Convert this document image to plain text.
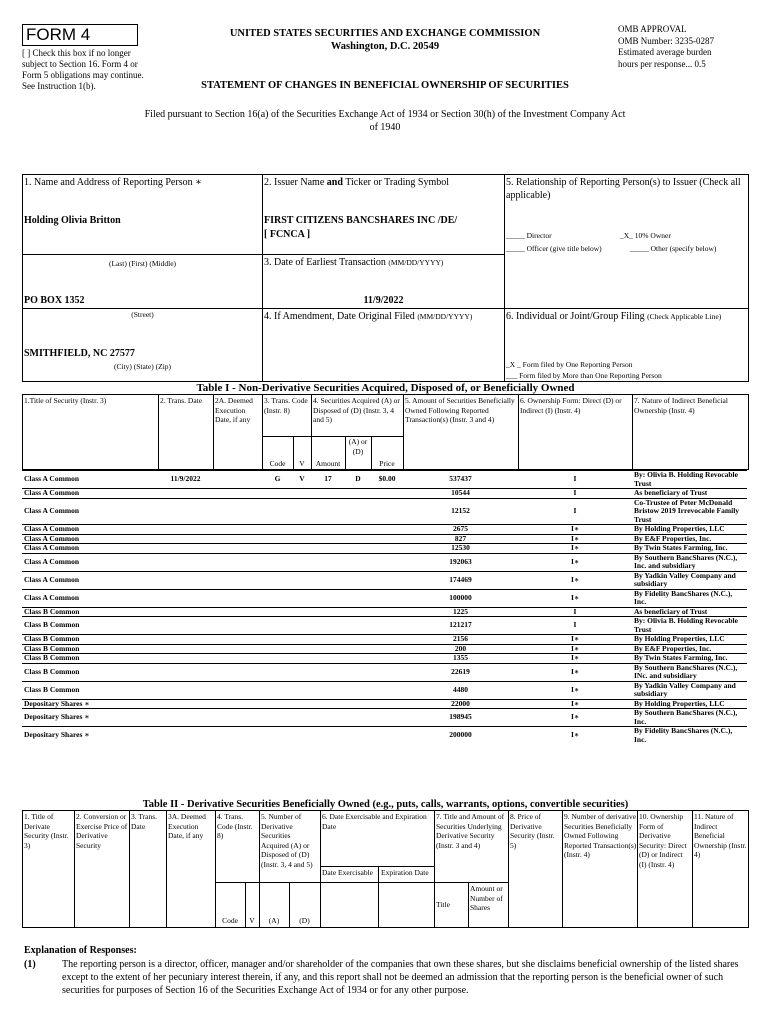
FORM 4
[ ] Check this box if no longer subject to Section 16. Form 4 or Form 5 obligations may continue. See Instruction 1(b).
UNITED STATES SECURITIES AND EXCHANGE COMMISSION
Washington, D.C. 20549
OMB APPROVAL
OMB Number: 3235-0287
Estimated average burden
hours per response... 0.5
STATEMENT OF CHANGES IN BENEFICIAL OWNERSHIP OF SECURITIES
Filed pursuant to Section 16(a) of the Securities Exchange Act of 1934 or Section 30(h) of the Investment Company Act of 1940
1. Name and Address of Reporting Person ∗
Holding Olivia Britton
(Last) (First) (Middle)
PO BOX 1352
(Street)
SMITHFIELD, NC 27577
(City) (State) (Zip)
2. Issuer Name and Ticker or Trading Symbol
FIRST CITIZENS BANCSHARES INC /DE/
[ FCNCA ]
3. Date of Earliest Transaction (MM/DD/YYYY)
11/9/2022
4. If Amendment, Date Original Filed (MM/DD/YYYY)
5. Relationship of Reporting Person(s) to Issuer (Check all applicable)
_____ Director	_X_ 10% Owner
_____ Officer (give title below)	_____ Other (specify below)
6. Individual or Joint/Group Filing (Check Applicable Line)
_X _ Form filed by One Reporting Person
___ Form filed by More than One Reporting Person
Table I - Non-Derivative Securities Acquired, Disposed of, or Beneficially Owned
1.Title of Security (Instr. 3)	2. Trans. Date	2A. Deemed Execution Date, if any
3. Trans. Code (Instr. 8)
4. Securities Acquired (A) or Disposed of (D) (Instr. 3, 4 and 5)
5. Amount of Securities Beneficially Owned Following Reported Transaction(s) (Instr. 3 and 4)
6. Ownership Form: Direct (D) or Indirect (I) (Instr. 4)
7. Nature of Indirect Beneficial Ownership (Instr. 4)
Code	V	Amount
(A) or (D)
Price
Class A Common	11/9/2022		G	V	17	D	$0.00	537437	I	By: Olivia B. Holding Revocable Trust
Class A Common								10544	I	As beneficiary of Trust
Class A Common								12152	I	Co-Trustee of Peter McDonald Bristow 2019 Irrevocable Family Trust
Class A Common								2675	I∗	By Holding Properties, LLC
Class A Common								827	I∗	By E&F Properties, Inc.
Class A Common								12530	I∗	By Twin States Farming, Inc.
Class A Common								192063	I∗	By Southern BancShares (N.C.), Inc. and subsidiary
Class A Common								174469	I∗	By Yadkin Valley Company and subsidiary
Class A Common								100000	I∗	By Fidelity BancShares (N.C.), Inc.
Class B Common								1225	I	As beneficiary of Trust
Class B Common								121217	I	By: Olivia B. Holding Revocable Trust
Class B Common								2156	I∗	By Holding Properties, LLC
Class B Common								200	I∗	By E&F Properties, Inc.
Class B Common								1355	I∗	By Twin States Farming, Inc.
Class B Common								22619	I∗	By Southern BancShares (N.C.), INc. and subsidiary
Class B Common								4480	I∗	By Yadkin Valley Company and subsidiary
Depositary Shares ∗								22000	I∗	By Holding Properties, LLC
Depositary Shares ∗								198945	I∗	By Southern BancShares (N.C.), Inc.
Depositary Shares ∗								200000	I∗	By Fidelity BancShares (N.C.), Inc.
Table II - Derivative Securities Beneficially Owned (e.g., puts, calls, warrants, options, convertible securities)
1. Title of Derivate Security (Instr. 3)
2. Conversion or Exercise Price of Derivative Security
3. Trans. Date
3A. Deemed Execution Date, if any
4. Trans. Code (Instr. 8)
5. Number of Derivative Securities Acquired (A) or Disposed of (D) (Instr. 3, 4 and 5)
6. Date Exercisable and Expiration Date
7. Title and Amount of Securities Underlying Derivative Security (Instr. 3 and 4)
8. Price of Derivative Security (Instr. 5)
9. Number of derivative Securities Beneficially Owned Following Reported Transaction(s) (Instr. 4)
10. Ownership Form of Derivative Security: Direct (D) or Indirect (I) (Instr. 4)
11. Nature of Indirect Beneficial Ownership (Instr. 4)
Code	V	(A)	(D)
Date Exercisable	Expiration Date
Title
Amount or Number of Shares
Explanation of Responses:
(1)	The reporting person is a director, officer, manager and/or shareholder of the companies that own these shares, but she disclaims beneficial ownership of the listed shares except to the extent of her pecuniary interest therein, if any, and this report shall not be deemed an admission that the reporting person is the beneficial owner of such securities for purposes of Section 16 of the Securities Exchange Act of 1934 or for any other purpose.
